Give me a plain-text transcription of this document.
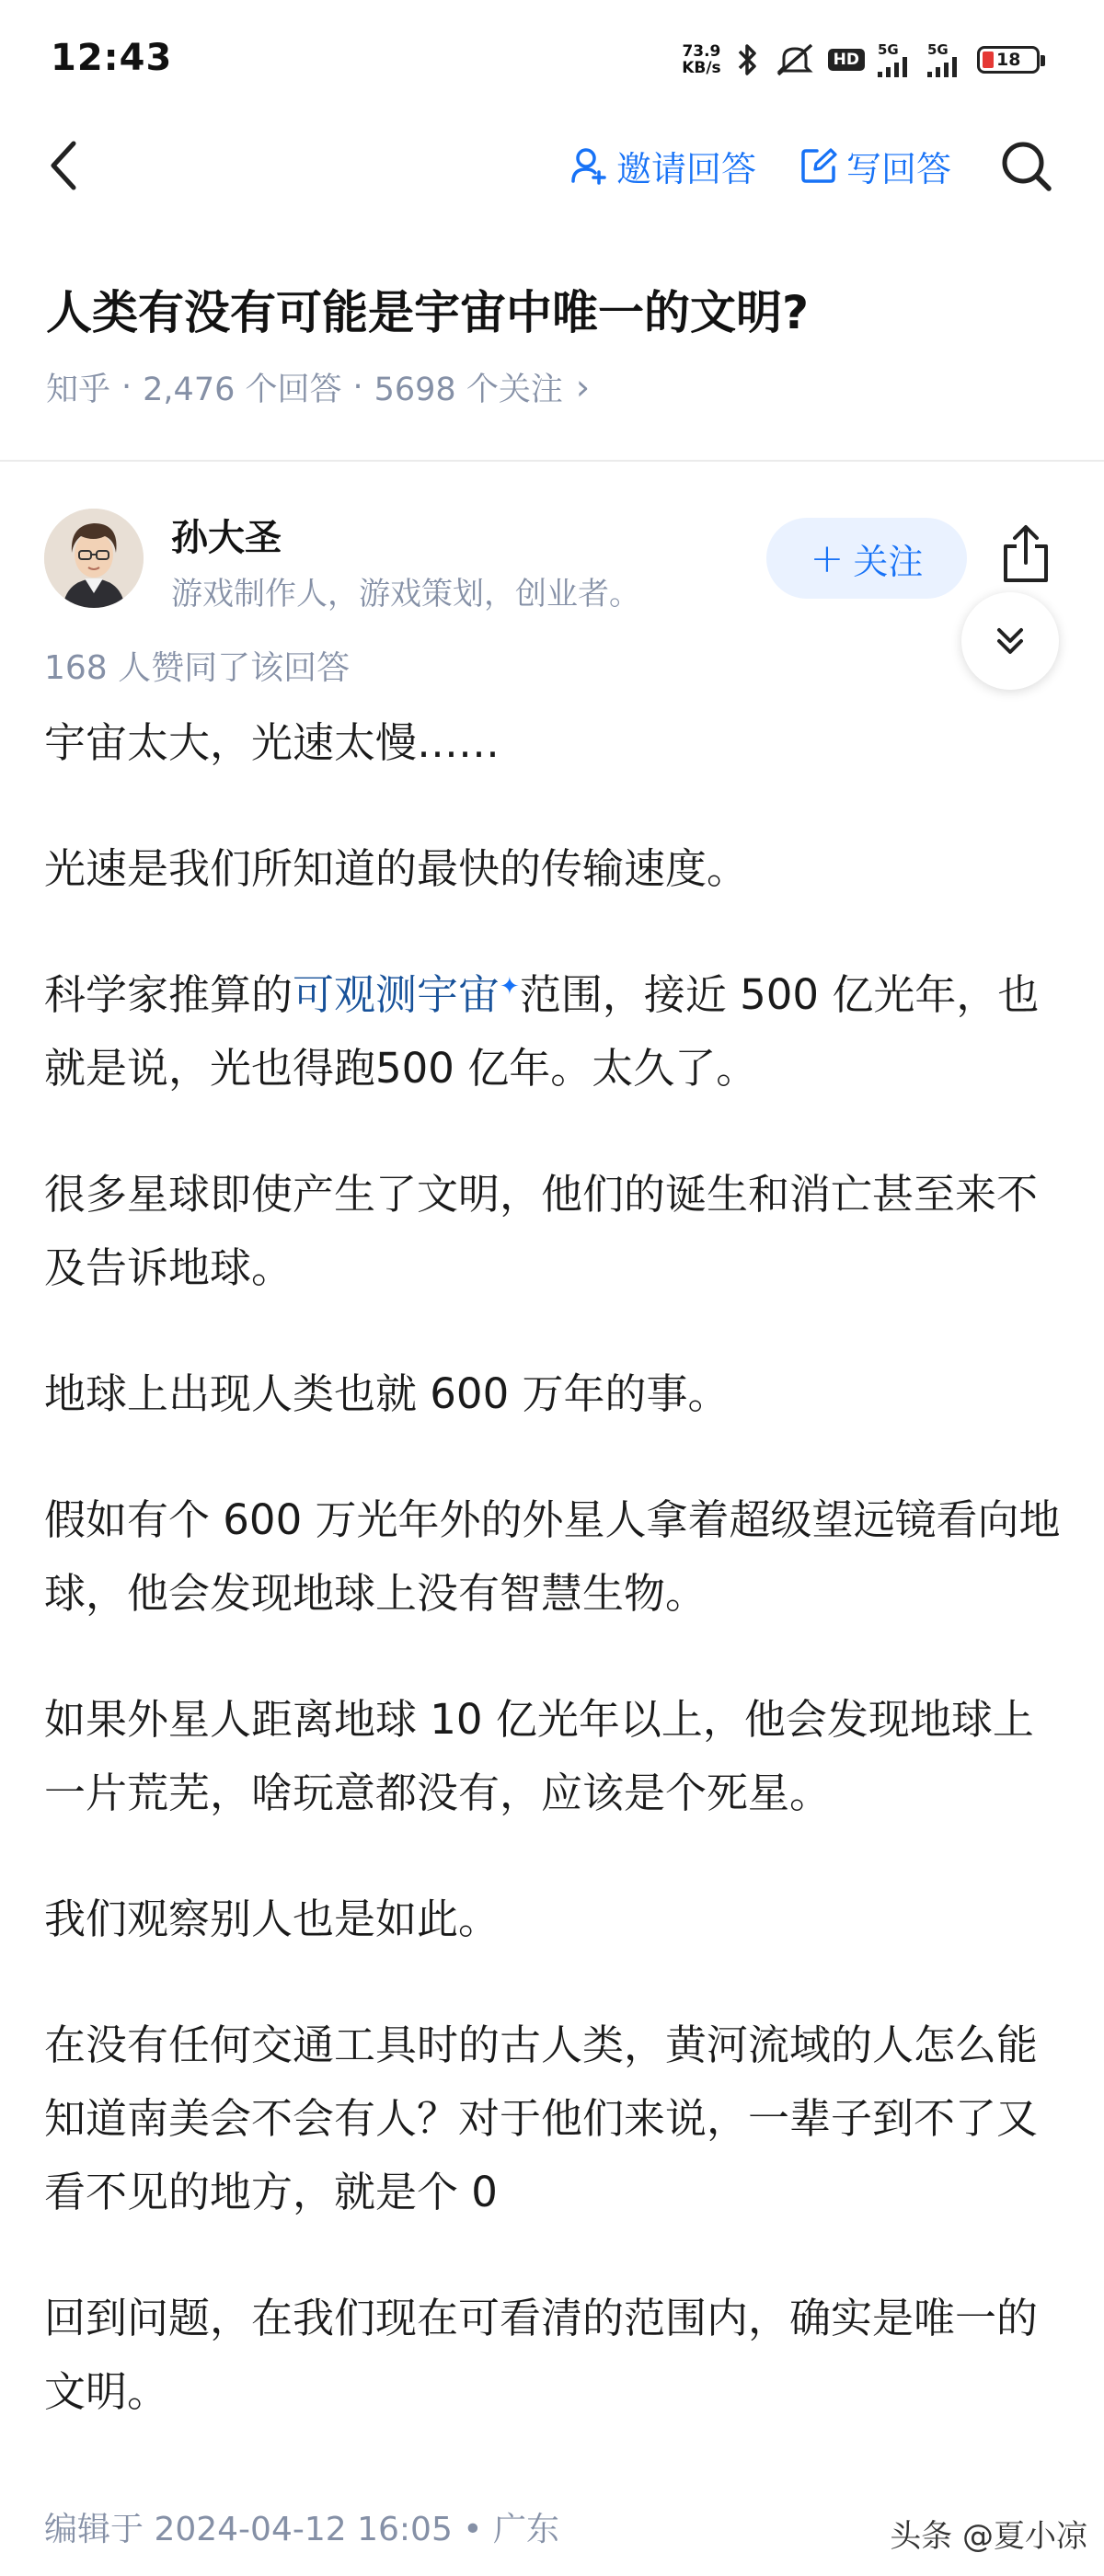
12:43	73.9
KB/s	HD
5G 5G	18
邀请回答	写回答
人类有没有可能是宇宙中唯一的文明?
知乎 · 2,476 个回答 · 5698 个关注 ›
孙大圣
游戏制作人，游戏策划，创业者。
+ 关注
168 人赞同了该回答

宇宙太大，光速太慢……

光速是我们所知道的最快的传输速度。

科学家推算的可观测宇宙✦范围，接近 500 亿光年，也就是说，光也得跑500 亿年。太久了。

很多星球即使产生了文明，他们的诞生和消亡甚至来不及告诉地球。

地球上出现人类也就 600 万年的事。

假如有个 600 万光年外的外星人拿着超级望远镜看向地球，他会发现地球上没有智慧生物。

如果外星人距离地球 10 亿光年以上，他会发现地球上一片荒芜，啥玩意都没有，应该是个死星。

我们观察别人也是如此。

在没有任何交通工具时的古人类，黄河流域的人怎么能知道南美会不会有人？对于他们来说，一辈子到不了又看不见的地方，就是个 0

回到问题，在我们现在可看清的范围内，确实是唯一的文明。

编辑于 2024-04-12 16:05 • 广东	头条 @夏小凉
